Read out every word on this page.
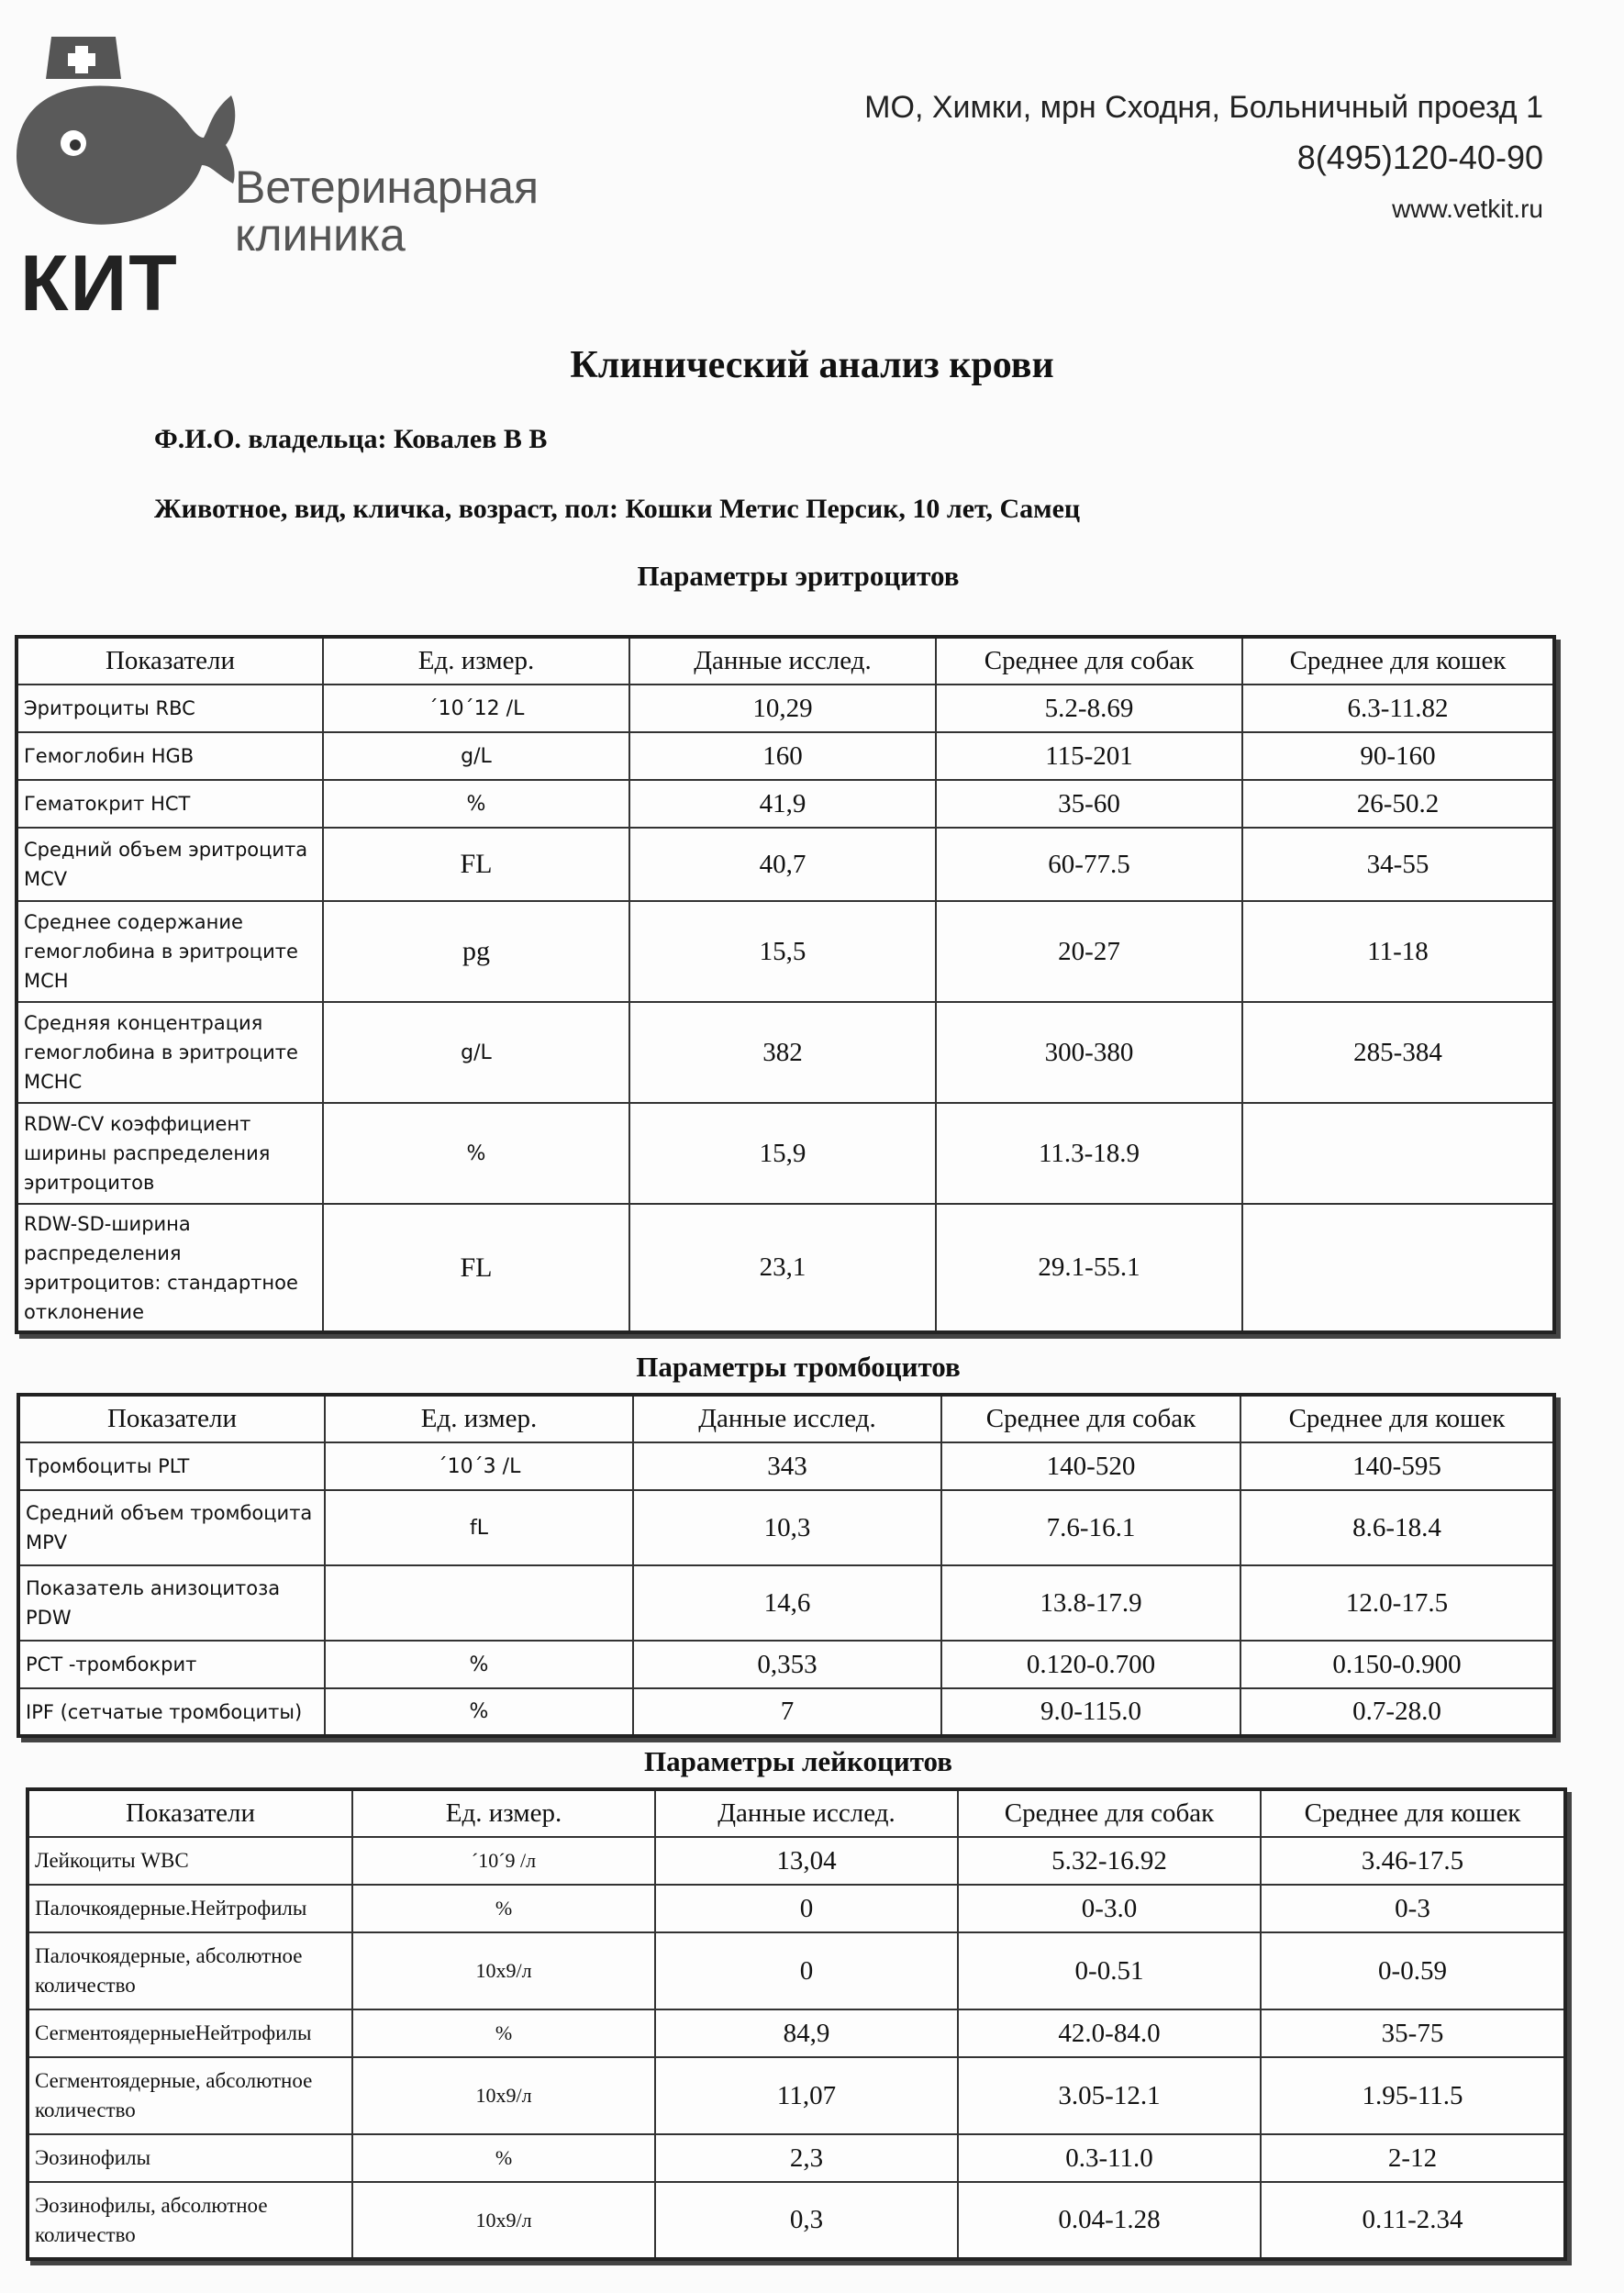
Ветеринарная клиника
КИТ
МО, Химки, мрн Сходня, Больничный проезд 1
8(495)120-40-90
www.vetkit.ru
Клинический анализ крови
Ф.И.О. владельца: Ковалев В В
Животное, вид, кличка, возраст, пол: Кошки Метис Персик, 10 лет, Самец
Параметры эритроцитов
Показатели	Ед. измер.	Данные исслед.	Среднее для собак	Среднее для кошек
Эритроциты RBC	´10´12 /L	10,29	5.2-8.69	6.3-11.82
Гемоглобин HGB	g/L	160	115-201	90-160
Гематокрит HCT	%	41,9	35-60	26-50.2
Средний объем эритроцита MCV	FL	40,7	60-77.5	34-55
Среднее содержание гемоглобина в эритроците MCH	pg	15,5	20-27	11-18
Средняя концентрация гемоглобина в эритроците MCHC	g/L	382	300-380	285-384
RDW-CV коэффициент ширины распределения эритроцитов	%	15,9	11.3-18.9	
RDW-SD-ширина распределения эритроцитов: стандартное отклонение	FL	23,1	29.1-55.1	
Параметры тромбоцитов
Показатели	Ед. измер.	Данные исслед.	Среднее для собак	Среднее для кошек
Тромбоциты PLT	´10´3 /L	343	140-520	140-595
Средний объем тромбоцита MPV	fL	10,3	7.6-16.1	8.6-18.4
Показатель анизоцитоза PDW		14,6	13.8-17.9	12.0-17.5
PCT -тромбокрит	%	0,353	0.120-0.700	0.150-0.900
IPF (сетчатые тромбоциты)	%	7	9.0-115.0	0.7-28.0
Параметры лейкоцитов
Показатели	Ед. измер.	Данные исслед.	Среднее для собак	Среднее для кошек
Лейкоциты WBC	´10´9 /л	13,04	5.32-16.92	3.46-17.5
Палочкоядерные.Нейтрофилы	%	0	0-3.0	0-3
Палочкоядерные, абсолютное количество	10х9/л	0	0-0.51	0-0.59
СегментоядерныеНейтрофилы	%	84,9	42.0-84.0	35-75
Сегментоядерные, абсолютное количество	10х9/л	11,07	3.05-12.1	1.95-11.5
Эозинофилы	%	2,3	0.3-11.0	2-12
Эозинофилы, абсолютное количество	10х9/л	0,3	0.04-1.28	0.11-2.34
